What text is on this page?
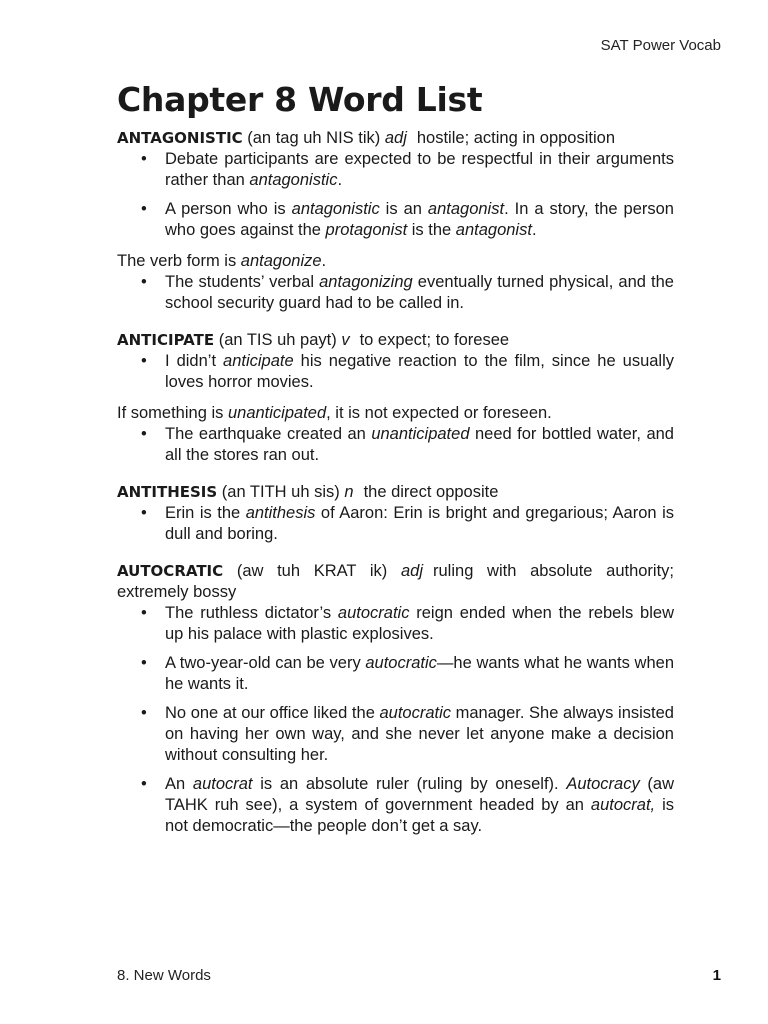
SAT Power Vocab
Chapter 8 Word List

ANTAGONISTIC (an tag uh NIS tik) adj hostile; acting in opposition

• Debate participants are expected to be respectful in their arguments rather than antagonistic.
• A person who is antagonistic is an antagonist. In a story, the person who goes against the protagonist is the antagonist.

The verb form is antagonize.

• The students’ verbal antagonizing eventually turned physical, and the school security guard had to be called in.

ANTICIPATE (an TIS uh payt) v to expect; to foresee

• I didn’t anticipate his negative reaction to the film, since he usually loves horror movies.

If something is unanticipated, it is not expected or foreseen.

• The earthquake created an unanticipated need for bottled water, and all the stores ran out.

ANTITHESIS (an TITH uh sis) n the direct opposite

• Erin is the antithesis of Aaron: Erin is bright and gregarious; Aaron is dull and boring.

AUTOCRATIC (aw tuh KRAT ik) adj ruling with absolute authority; extremely bossy

• The ruthless dictator’s autocratic reign ended when the rebels blew up his palace with plastic explosives.
• A two-year-old can be very autocratic—he wants what he wants when he wants it.
• No one at our office liked the autocratic manager. She always insisted on having her own way, and she never let anyone make a decision without consulting her.
• An autocrat is an absolute ruler (ruling by oneself). Autocracy (aw TAHK ruh see), a system of government headed by an autocrat, is not democratic—the people don’t get a say.
8. New Words	1
